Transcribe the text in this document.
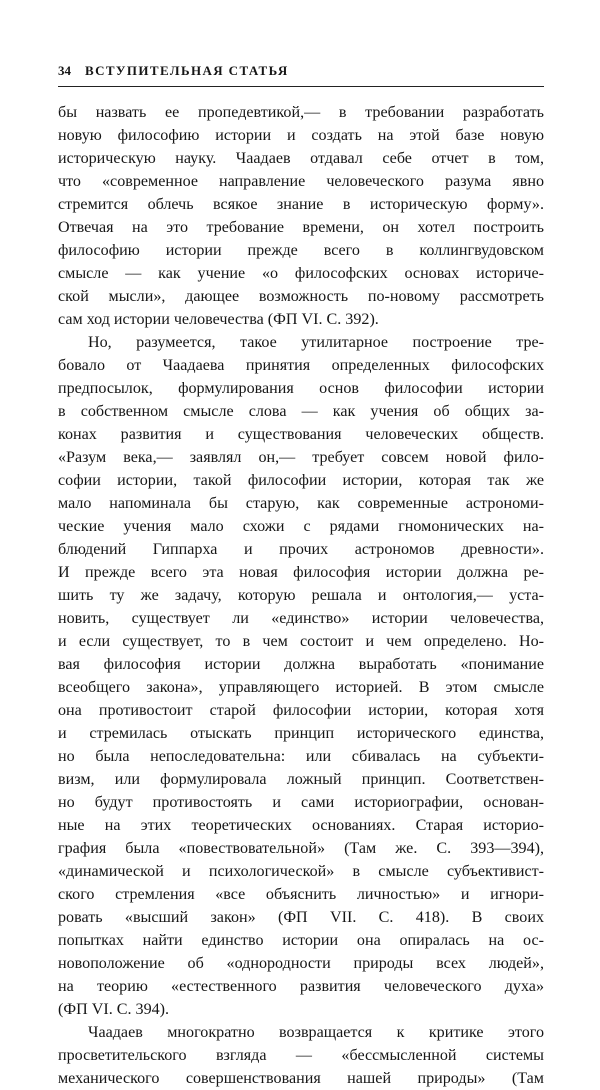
34 ВСТУПИТЕЛЬНАЯ СТАТЬЯ
бы назвать ее пропедевтикой,— в требовании разработать
новую философию истории и создать на этой базе новую
историческую науку. Чаадаев отдавал себе отчет в том,
что «современное направление человеческого разума явно
стремится облечь всякое знание в историческую форму».
Отвечая на это требование времени, он хотел построить
философию истории прежде всего в коллингвудовском
смысле — как учение «о философских основах историче-
ской мысли», дающее возможность по-новому рассмотреть
сам ход истории человечества (ФП VI. С. 392).
Но, разумеется, такое утилитарное построение тре-
бовало от Чаадаева принятия определенных философских
предпосылок, формулирования основ философии истории
в собственном смысле слова — как учения об общих за-
конах развития и существования человеческих обществ.
«Разум века,— заявлял он,— требует совсем новой фило-
софии истории, такой философии истории, которая так же
мало напоминала бы старую, как современные астрономи-
ческие учения мало схожи с рядами гномонических на-
блюдений Гиппарха и прочих астрономов древности».
И прежде всего эта новая философия истории должна ре-
шить ту же задачу, которую решала и онтология,— уста-
новить, существует ли «единство» истории человечества,
и если существует, то в чем состоит и чем определено. Но-
вая философия истории должна выработать «понимание
всеобщего закона», управляющего историей. В этом смысле
она противостоит старой философии истории, которая хотя
и стремилась отыскать принцип исторического единства,
но была непоследовательна: или сбивалась на субъекти-
визм, или формулировала ложный принцип. Соответствен-
но будут противостоять и сами историографии, основан-
ные на этих теоретических основаниях. Старая историо-
графия была «повествовательной» (Там же. С. 393—394),
«динамической и психологической» в смысле субъективист-
ского стремления «все объяснить личностью» и игнори-
ровать «высший закон» (ФП VII. С. 418). В своих
попытках найти единство истории она опиралась на ос-
новоположение об «однородности природы всех людей»,
на теорию «естественного развития человеческого духа»
(ФП VI. С. 394).
Чаадаев многократно возвращается к критике этого
просветительского взгляда — «бессмысленной системы
механического совершенствования нашей природы» (Там
